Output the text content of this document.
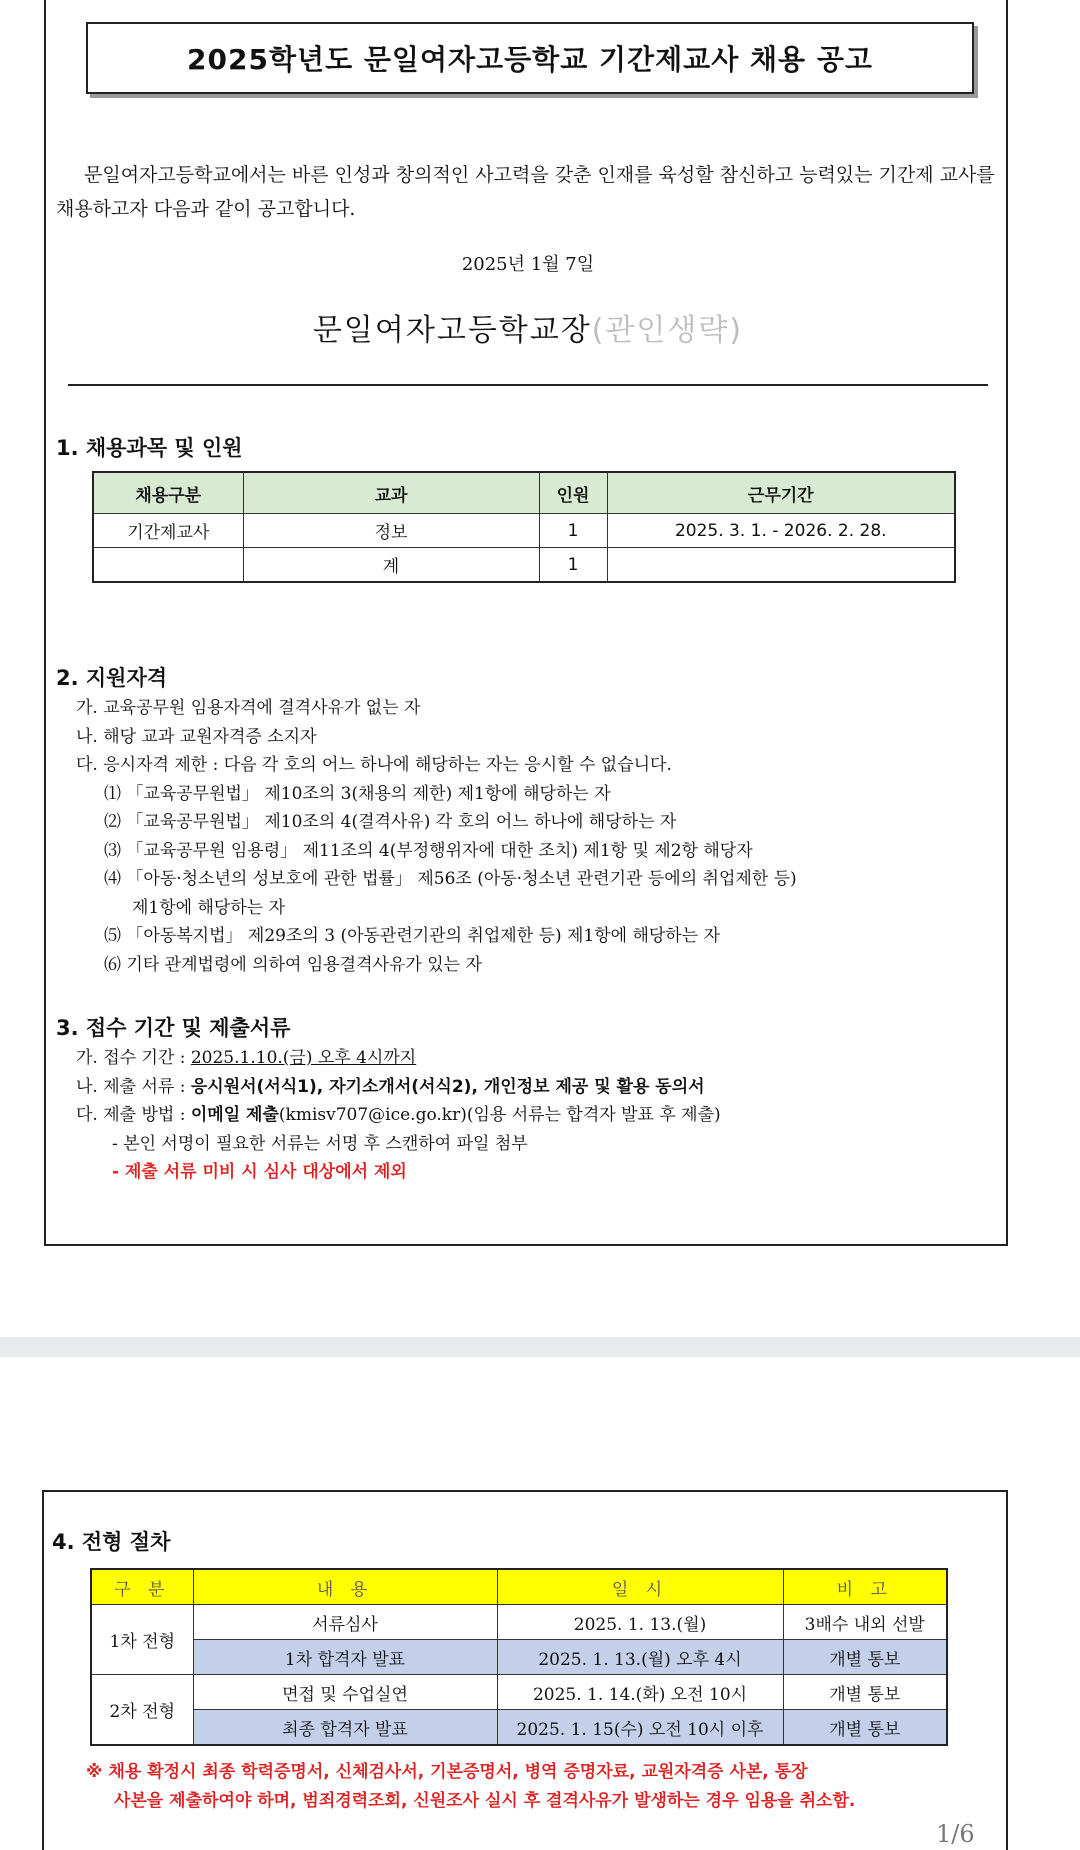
2025학년도 문일여자고등학교 기간제교사 채용 공고
문일여자고등학교에서는 바른 인성과 창의적인 사고력을 갖춘 인재를 육성할 참신하고 능력있는 기간제 교사를 채용하고자 다음과 같이 공고합니다.
2025년 1월 7일
문일여자고등학교장(관인생략)
1. 채용과목 및 인원
채용구분	교과	인원	근무기간
기간제교사	정보	1	2025. 3. 1. - 2026. 2. 28.
	계	1	
2. 지원자격
가. 교육공무원 임용자격에 결격사유가 없는 자
나. 해당 교과 교원자격증 소지자
다. 응시자격 제한 : 다음 각 호의 어느 하나에 해당하는 자는 응시할 수 없습니다.
⑴ 「교육공무원법」 제10조의 3(채용의 제한) 제1항에 해당하는 자
⑵ 「교육공무원법」 제10조의 4(결격사유) 각 호의 어느 하나에 해당하는 자
⑶ 「교육공무원 임용령」 제11조의 4(부정행위자에 대한 조치) 제1항 및 제2항 해당자
⑷ 「아동·청소년의 성보호에 관한 법률」 제56조 (아동·청소년 관련기관 등에의 취업제한 등)
제1항에 해당하는 자
⑸ 「아동복지법」 제29조의 3 (아동관련기관의 취업제한 등) 제1항에 해당하는 자
⑹ 기타 관계법령에 의하여 임용결격사유가 있는 자
3. 접수 기간 및 제출서류
가. 접수 기간 : 2025.1.10.(금) 오후 4시까지
나. 제출 서류 : 응시원서(서식1), 자기소개서(서식2), 개인정보 제공 및 활용 동의서
다. 제출 방법 : 이메일 제출(kmisv707@ice.go.kr)(임용 서류는 합격자 발표 후 제출)
- 본인 서명이 필요한 서류는 서명 후 스캔하여 파일 첨부
- 제출 서류 미비 시 심사 대상에서 제외
4. 전형 절차
구 분	내 용	일 시	비 고
1차 전형	서류심사	2025. 1. 13.(월)	3배수 내외 선발
	1차 합격자 발표	2025. 1. 13.(월) 오후 4시	개별 통보
2차 전형	면접 및 수업실연	2025. 1. 14.(화) 오전 10시	개별 통보
	최종 합격자 발표	2025. 1. 15(수) 오전 10시 이후	개별 통보
※ 채용 확정시 최종 학력증명서, 신체검사서, 기본증명서, 병역 증명자료, 교원자격증 사본, 통장
사본을 제출하여야 하며, 범죄경력조회, 신원조사 실시 후 결격사유가 발생하는 경우 임용을 취소함.
1/6
